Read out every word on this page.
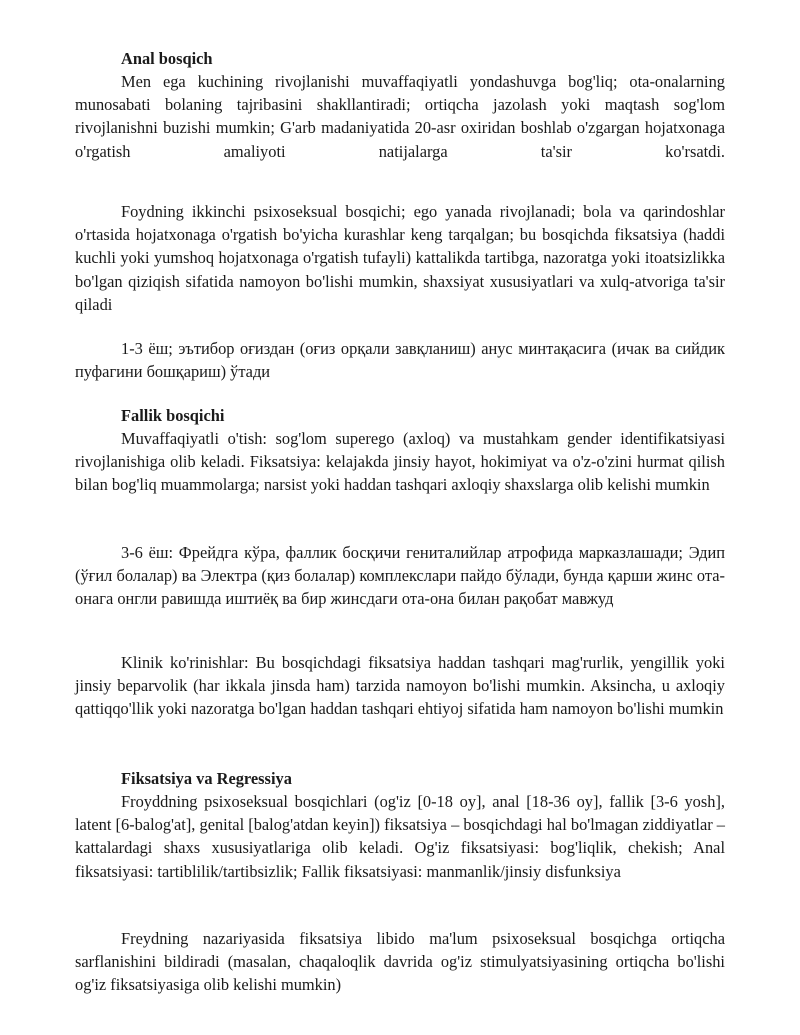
Anal bosqich

Men ega kuchining rivojlanishi muvaffaqiyatli yondashuvga bog'liq; ota-onalarning munosabati bolaning tajribasini shakllantiradi; ortiqcha jazolash yoki maqtash sog'lom rivojlanishni buzishi mumkin; G'arb madaniyatida 20-asr oxiridan boshlab o'zgargan hojatxonaga o'rgatish amaliyoti natijalarga ta'sir ko'rsatdi.

Foydning ikkinchi psixoseksual bosqichi; ego yanada rivojlanadi; bola va qarindoshlar o'rtasida hojatxonaga o'rgatish bo'yicha kurashlar keng tarqalgan; bu bosqichda fiksatsiya (haddi kuchli yoki yumshoq hojatxonaga o'rgatish tufayli) kattalikda tartibga, nazoratga yoki itoatsizlikka bo'lgan qiziqish sifatida namoyon bo'lishi mumkin, shaxsiyat xususiyatlari va xulq-atvoriga ta'sir qiladi

1-3 ёш; эътибор оғиздан (оғиз орқали завқланиш) анус минтақасига (ичак ва сийдик пуфагини бошқариш) ўтади

Fallik bosqichi

Muvaffaqiyatli o'tish: sog'lom superego (axloq) va mustahkam gender identifikatsiyasi rivojlanishiga olib keladi. Fiksatsiya: kelajakda jinsiy hayot, hokimiyat va o'z-o'zini hurmat qilish bilan bog'liq muammolarga; narsist yoki haddan tashqari axloqiy shaxslarga olib kelishi mumkin

3-6 ёш: Фрейдга кўра, фаллик босқичи гениталийлар атрофида марказлашади; Эдип (ўғил болалар) ва Электра (қиз болалар) комплекслари пайдо бўлади, бунда қарши жинс ота-онага онгли равишда иштиёқ ва бир жинсдаги ота-она билан рақобат мавжуд

Klinik ko'rinishlar: Bu bosqichdagi fiksatsiya haddan tashqari mag'rurlik, yengillik yoki jinsiy beparvolik (har ikkala jinsda ham) tarzida namoyon bo'lishi mumkin. Aksincha, u axloqiy qattiqqo'llik yoki nazoratga bo'lgan haddan tashqari ehtiyoj sifatida ham namoyon bo'lishi mumkin

Fiksatsiya va Regressiya

Froyddning psixoseksual bosqichlari (og'iz [0-18 oy], anal [18-36 oy], fallik [3-6 yosh], latent [6-balog'at], genital [balog'atdan keyin]) fiksatsiya – bosqichdagi hal bo'lmagan ziddiyatlar – kattalardagi shaxs xususiyatlariga olib keladi. Og'iz fiksatsiyasi: bog'liqlik, chekish; Anal fiksatsiyasi: tartiblilik/tartibsizlik; Fallik fiksatsiyasi: manmanlik/jinsiy disfunksiya

Freydning nazariyasida fiksatsiya libido ma'lum psixoseksual bosqichga ortiqcha sarflanishini bildiradi (masalan, chaqaloqlik davrida og'iz stimulyatsiyasining ortiqcha bo'lishi og'iz fiksatsiyasiga olib kelishi mumkin)
